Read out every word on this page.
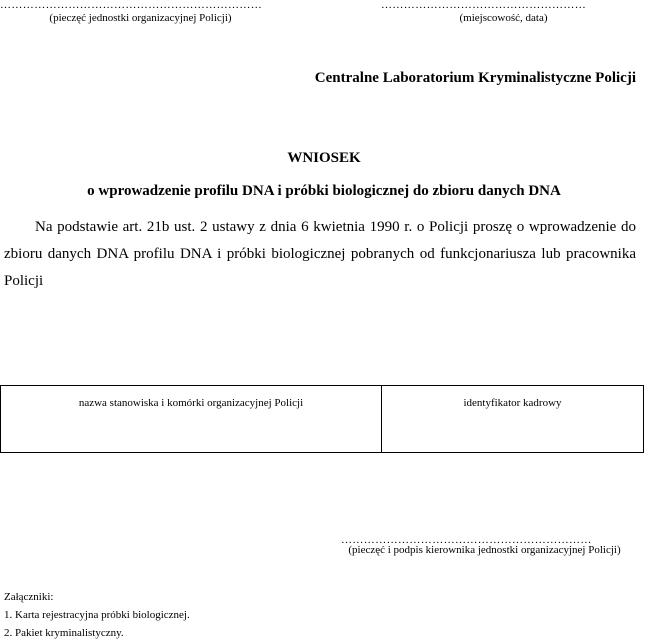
……………………………………………………………
(pieczęć jednostki organizacyjnej Policji)
………………………………………………
(miejscowość, data)
Centralne Laboratorium Kryminalistyczne Policji
WNIOSEK
o wprowadzenie profilu DNA i próbki biologicznej do zbioru danych DNA
Na podstawie art. 21b ust. 2 ustawy z dnia 6 kwietnia 1990 r. o Policji proszę o wprowadzenie do zbioru danych DNA profilu DNA i próbki biologicznej pobranych od funkcjonariusza lub pracownika Policji
nazwa stanowiska i komórki organizacyjnej Policji	identyfikator kadrowy
…………………………………………………………
(pieczęć i podpis kierownika jednostki organizacyjnej Policji)
Załączniki:
1. Karta rejestracyjna próbki biologicznej.
2. Pakiet kryminalistyczny.
